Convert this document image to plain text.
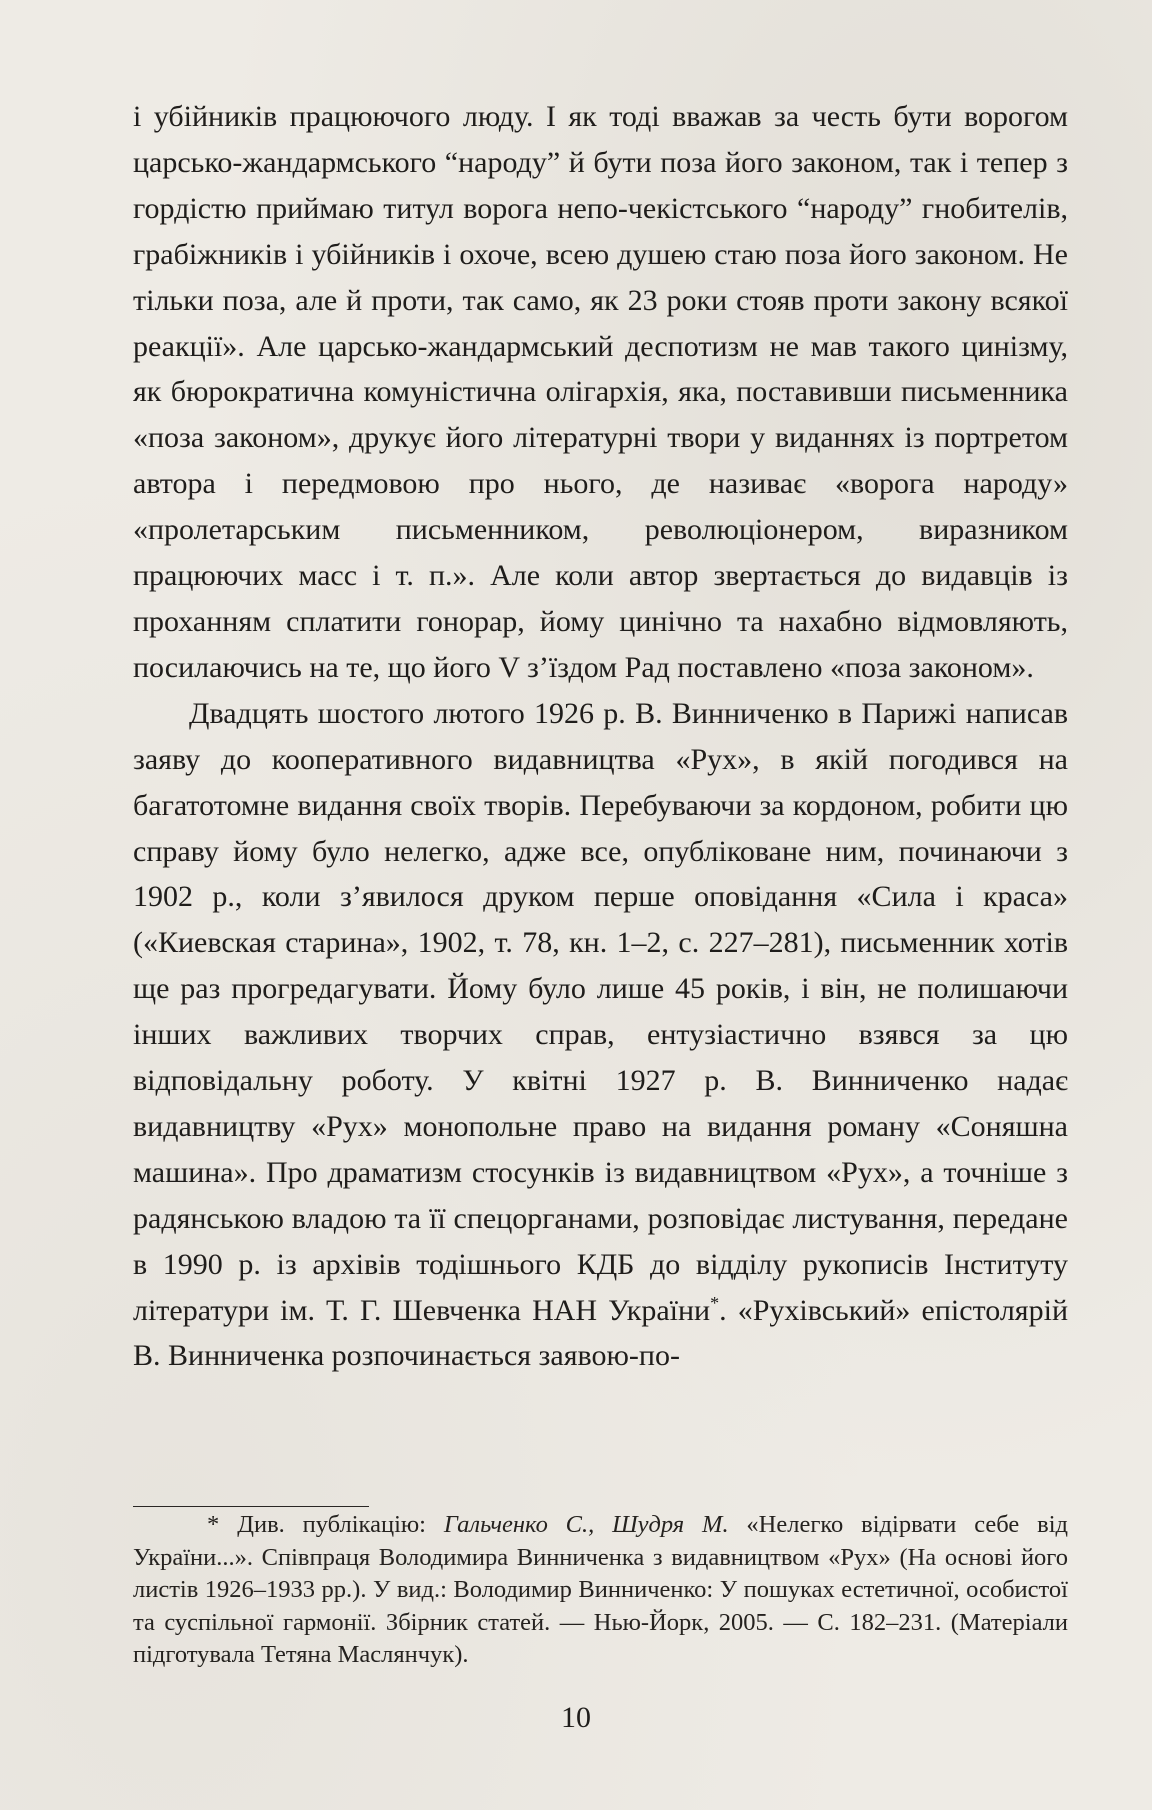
і убійників працюючого люду. І як тоді вважав за честь бути ворогом царсько-жандармського “народу” й бути поза його законом, так і тепер з гордістю приймаю титул ворога непо-чекістського “народу” гнобителів, грабіжників і убійників і охоче, всею душею стаю поза його законом. Не тільки поза, але й проти, так само, як 23 роки стояв проти закону всякої реакції». Але царсько-жандармський деспотизм не мав такого цинізму, як бюрократична комуністична олігархія, яка, поставивши письменника «поза законом», друкує його літературні твори у виданнях із портретом автора і передмовою про нього, де називає «ворога народу» «пролетарським письменником, революціонером, виразником працюючих масс і т. п.». Але коли автор звертається до видавців із проханням сплатити гонорар, йому цинічно та нахабно відмовляють, посилаючись на те, що його V з’їздом Рад поставлено «поза законом».

Двадцять шостого лютого 1926 р. В. Винниченко в Парижі написав заяву до кооперативного видавництва «Рух», в якій погодився на багатотомне видання своїх творів. Перебуваючи за кордоном, робити цю справу йому було нелегко, адже все, опубліковане ним, починаючи з 1902 р., коли з’явилося друком перше оповідання «Сила і краса» («Киевская старина», 1902, т. 78, кн. 1–2, с. 227–281), письменник хотів ще раз прогредагувати. Йому було лише 45 років, і він, не полишаючи інших важливих творчих справ, ентузіастично взявся за цю відповідальну роботу. У квітні 1927 р. В. Винниченко надає видавництву «Рух» монопольне право на видання роману «Соняшна машина». Про драматизм стосунків із видавництвом «Рух», а точніше з радянською владою та її спецорганами, розповідає листування, передане в 1990 р. із архівів тодішнього КДБ до відділу рукописів Інституту літератури ім. Т. Г. Шевченка НАН України*. «Рухівський» епістолярій В. Винниченка розпочинається заявою-по-

* Див. публікацію: Гальченко С., Шудря М. «Нелегко відірвати себе від України...». Співпраця Володимира Винниченка з видавництвом «Рух» (На основі його листів 1926–1933 рр.). У вид.: Володимир Винниченко: У пошуках естетичної, особистої та суспільної гармонії. Збірник статей. — Нью-Йорк, 2005. — С. 182–231. (Матеріали підготувала Тетяна Маслянчук).

10
